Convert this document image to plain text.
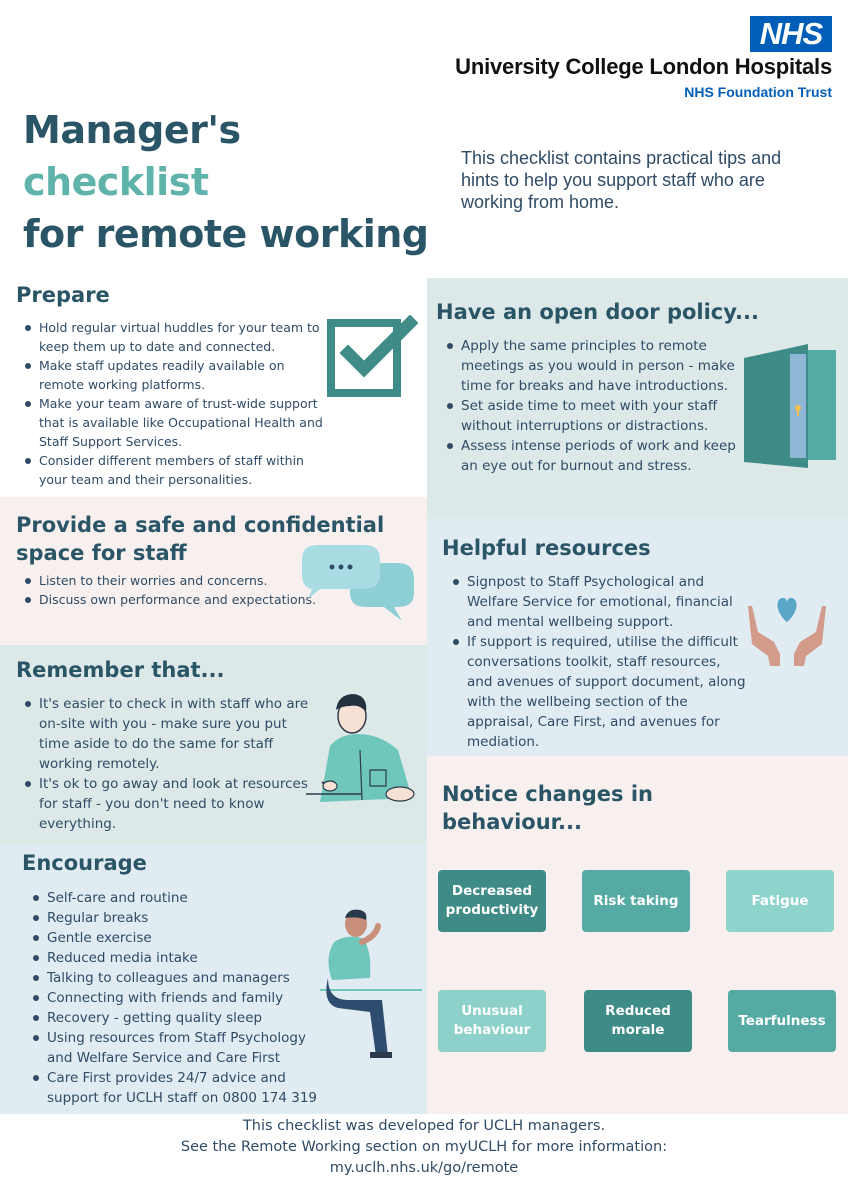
NHS
University College London Hospitals
NHS Foundation Trust
Manager's
checklist
for remote working
This checklist contains practical tips and hints to help you support staff who are working from home.
Prepare
Hold regular virtual huddles for your team to keep them up to date and connected.
Make staff updates readily available on remote working platforms.
Make your team aware of trust-wide support that is available like Occupational Health and Staff Support Services.
Consider different members of staff within your team and their personalities.
Have an open door policy...
Apply the same principles to remote meetings as you would in person - make time for breaks and have introductions.
Set aside time to meet with your staff without interruptions or distractions.
Assess intense periods of work and keep an eye out for burnout and stress.
Provide a safe and confidential
space for staff
Listen to their worries and concerns.
Discuss own performance and expectations.
Helpful resources
Signpost to Staff Psychological and Welfare Service for emotional, financial and mental wellbeing support.
If support is required, utilise the difficult conversations toolkit, staff resources, and avenues of support document, along with the wellbeing section of the appraisal, Care First, and avenues for mediation.
Remember that...
It's easier to check in with staff who are on-site with you - make sure you put time aside to do the same for staff working remotely.
It's ok to go away and look at resources for staff - you don't need to know everything.
Notice changes in
behaviour...
Decreased productivity
Risk taking	Fatigue
Unusual behaviour
Reduced morale
Tearfulness
Encourage
Self-care and routine
Regular breaks
Gentle exercise
Reduced media intake
Talking to colleagues and managers
Connecting with friends and family
Recovery - getting quality sleep
Using resources from Staff Psychology and Welfare Service and Care First
Care First provides 24/7 advice and support for UCLH staff on 0800 174 319
This checklist was developed for UCLH managers.
See the Remote Working section on myUCLH for more information:
my.uclh.nhs.uk/go/remote
